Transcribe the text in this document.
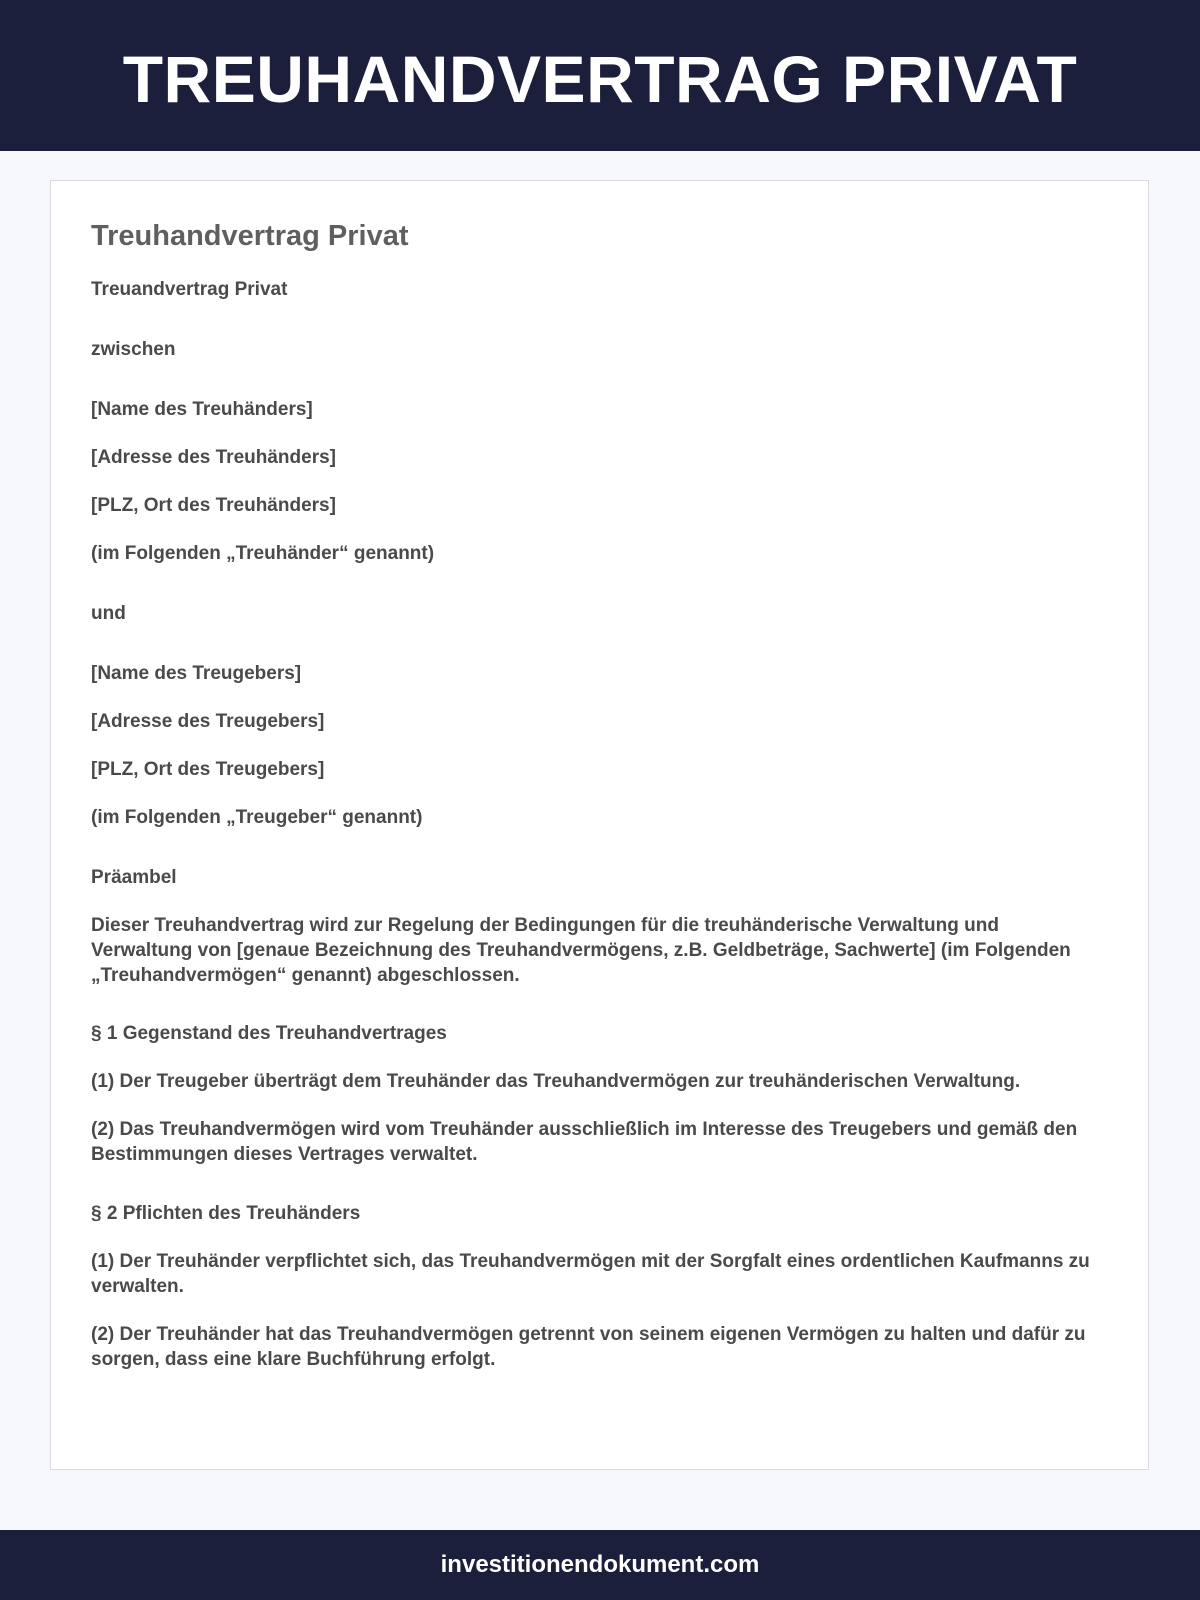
TREUHANDVERTRAG PRIVAT
Treuhandvertrag Privat

Treuandvertrag Privat

zwischen

[Name des Treuhänders]

[Adresse des Treuhänders]

[PLZ, Ort des Treuhänders]

(im Folgenden „Treuhänder“ genannt)

und

[Name des Treugebers]

[Adresse des Treugebers]

[PLZ, Ort des Treugebers]

(im Folgenden „Treugeber“ genannt)

Präambel

Dieser Treuhandvertrag wird zur Regelung der Bedingungen für die treuhänderische Verwaltung und Verwaltung von [genaue Bezeichnung des Treuhandvermögens, z.B. Geldbeträge, Sachwerte] (im Folgenden „Treuhandvermögen“ genannt) abgeschlossen.

§ 1 Gegenstand des Treuhandvertrages

(1) Der Treugeber überträgt dem Treuhänder das Treuhandvermögen zur treuhänderischen Verwaltung.

(2) Das Treuhandvermögen wird vom Treuhänder ausschließlich im Interesse des Treugebers und gemäß den Bestimmungen dieses Vertrages verwaltet.

§ 2 Pflichten des Treuhänders

(1) Der Treuhänder verpflichtet sich, das Treuhandvermögen mit der Sorgfalt eines ordentlichen Kaufmanns zu verwalten.

(2) Der Treuhänder hat das Treuhandvermögen getrennt von seinem eigenen Vermögen zu halten und dafür zu sorgen, dass eine klare Buchführung erfolgt.

investitionendokument.com
